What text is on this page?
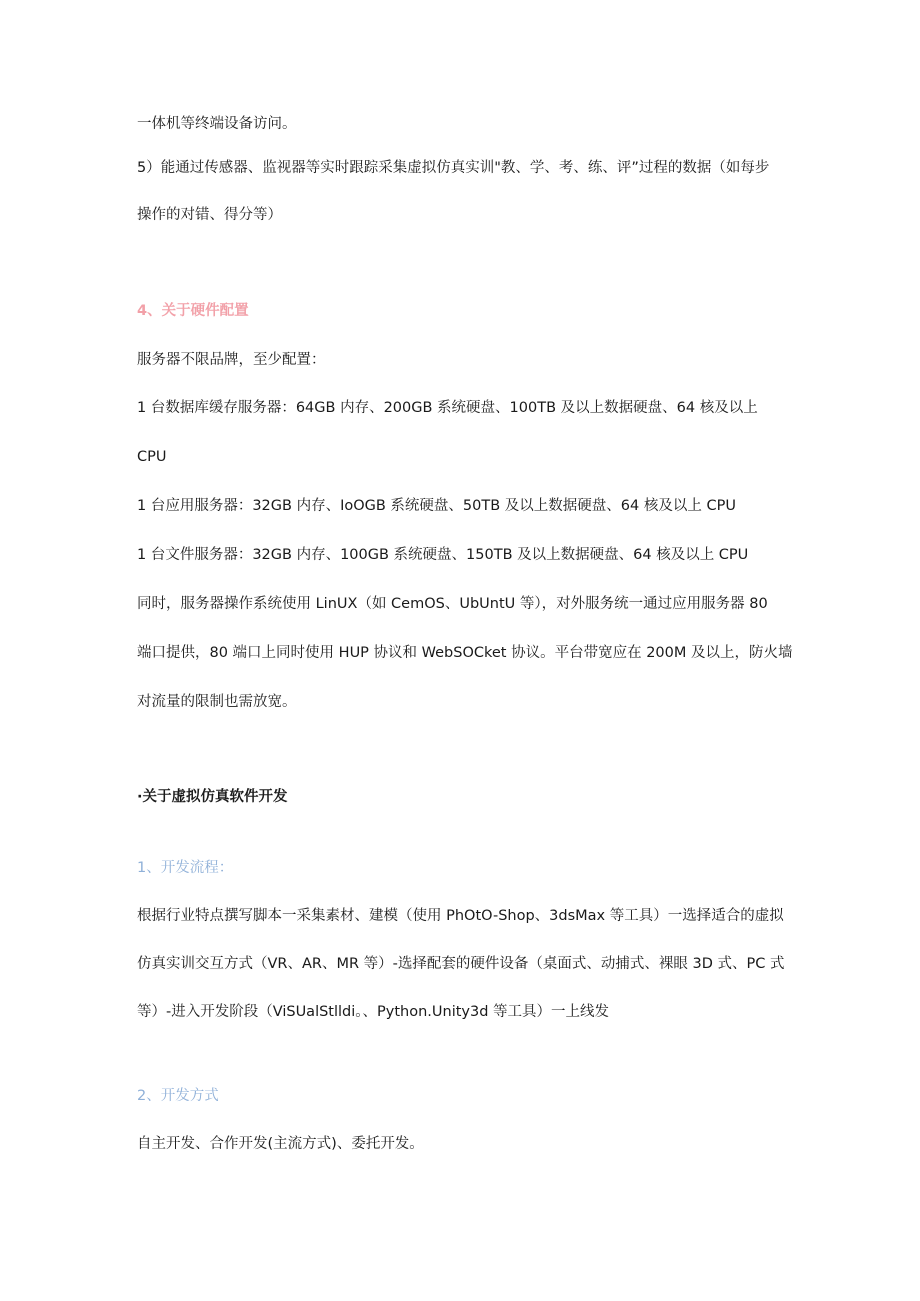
一体机等终端设备访问。
5）能通过传感器、监视器等实时跟踪采集虚拟仿真实训"教、学、考、练、评”过程的数据（如每步
操作的对错、得分等）
4、关于硬件配置
服务器不限品牌，至少配置：
1 台数据库缓存服务器：64GB 内存、200GB 系统硬盘、100TB 及以上数据硬盘、64 核及以上
CPU
1 台应用服务器：32GB 内存、IoOGB 系统硬盘、50TB 及以上数据硬盘、64 核及以上 CPU
1 台文件服务器：32GB 内存、100GB 系统硬盘、150TB 及以上数据硬盘、64 核及以上 CPU
同时，服务器操作系统使用 LinUX（如 CemOS、UbUntU 等），对外服务统一通过应用服务器 80
端口提供，80 端口上同时使用 HUP 协议和 WebSOCket 协议。平台带宽应在 200M 及以上，防火墙
对流量的限制也需放宽。
·关于虚拟仿真软件开发
1、开发流程：
根据行业特点撰写脚本一采集素材、建模（使用 PhOtO-Shop、3dsMax 等工具）一选择适合的虚拟
仿真实训交互方式（VR、AR、MR 等）-选择配套的硬件设备（桌面式、动捕式、裸眼 3D 式、PC 式
等）-进入开发阶段（ViSUalStlldi。、Python.Unity3d 等工具）一上线发
2、开发方式
自主开发、合作开发(主流方式)、委托开发。
